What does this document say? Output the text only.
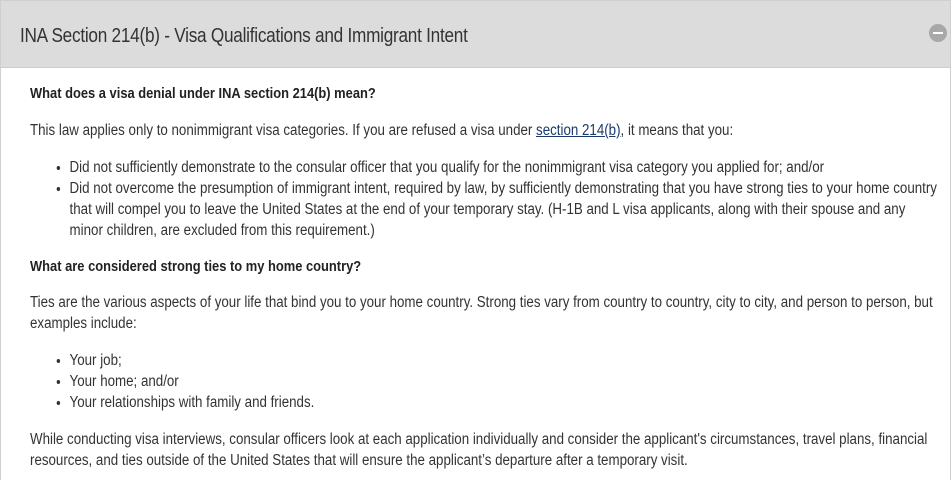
INA Section 214(b) - Visa Qualifications and Immigrant Intent
What does a visa denial under INA section 214(b) mean?

This law applies only to nonimmigrant visa categories. If you are refused a visa under section 214(b), it means that you:

• Did not sufficiently demonstrate to the consular officer that you qualify for the nonimmigrant visa category you applied for; and/or
• Did not overcome the presumption of immigrant intent, required by law, by sufficiently demonstrating that you have strong ties to your home country that will compel you to leave the United States at the end of your temporary stay. (H-1B and L visa applicants, along with their spouse and any minor children, are excluded from this requirement.)
What are considered strong ties to my home country?

Ties are the various aspects of your life that bind you to your home country. Strong ties vary from country to country, city to city, and person to person, but examples include:

• Your job;
• Your home; and/or
• Your relationships with family and friends.

While conducting visa interviews, consular officers look at each application individually and consider the applicant's circumstances, travel plans, financial resources, and ties outside of the United States that will ensure the applicant’s departure after a temporary visit.
